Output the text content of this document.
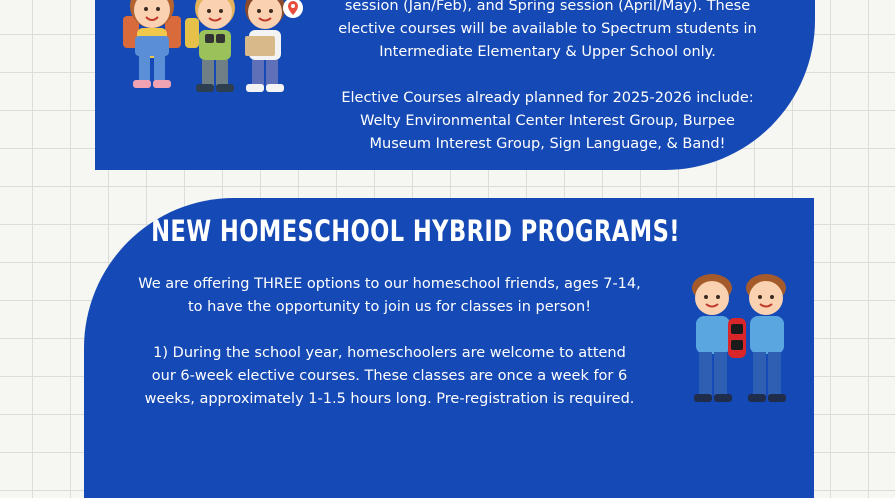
session (Jan/Feb), and Spring session (April/May). These

elective courses will be available to Spectrum students in

Intermediate Elementary & Upper School only.

Elective Courses already planned for 2025-2026 include:

Welty Environmental Center Interest Group, Burpee

Museum Interest Group, Sign Language, & Band!

NEW HOMESCHOOL HYBRID PROGRAMS!

We are offering THREE options to our homeschool friends, ages 7-14,

to have the opportunity to join us for classes in person!

1) During the school year, homeschoolers are welcome to attend

our 6-week elective courses. These classes are once a week for 6

weeks, approximately 1-1.5 hours long. Pre-registration is required.
